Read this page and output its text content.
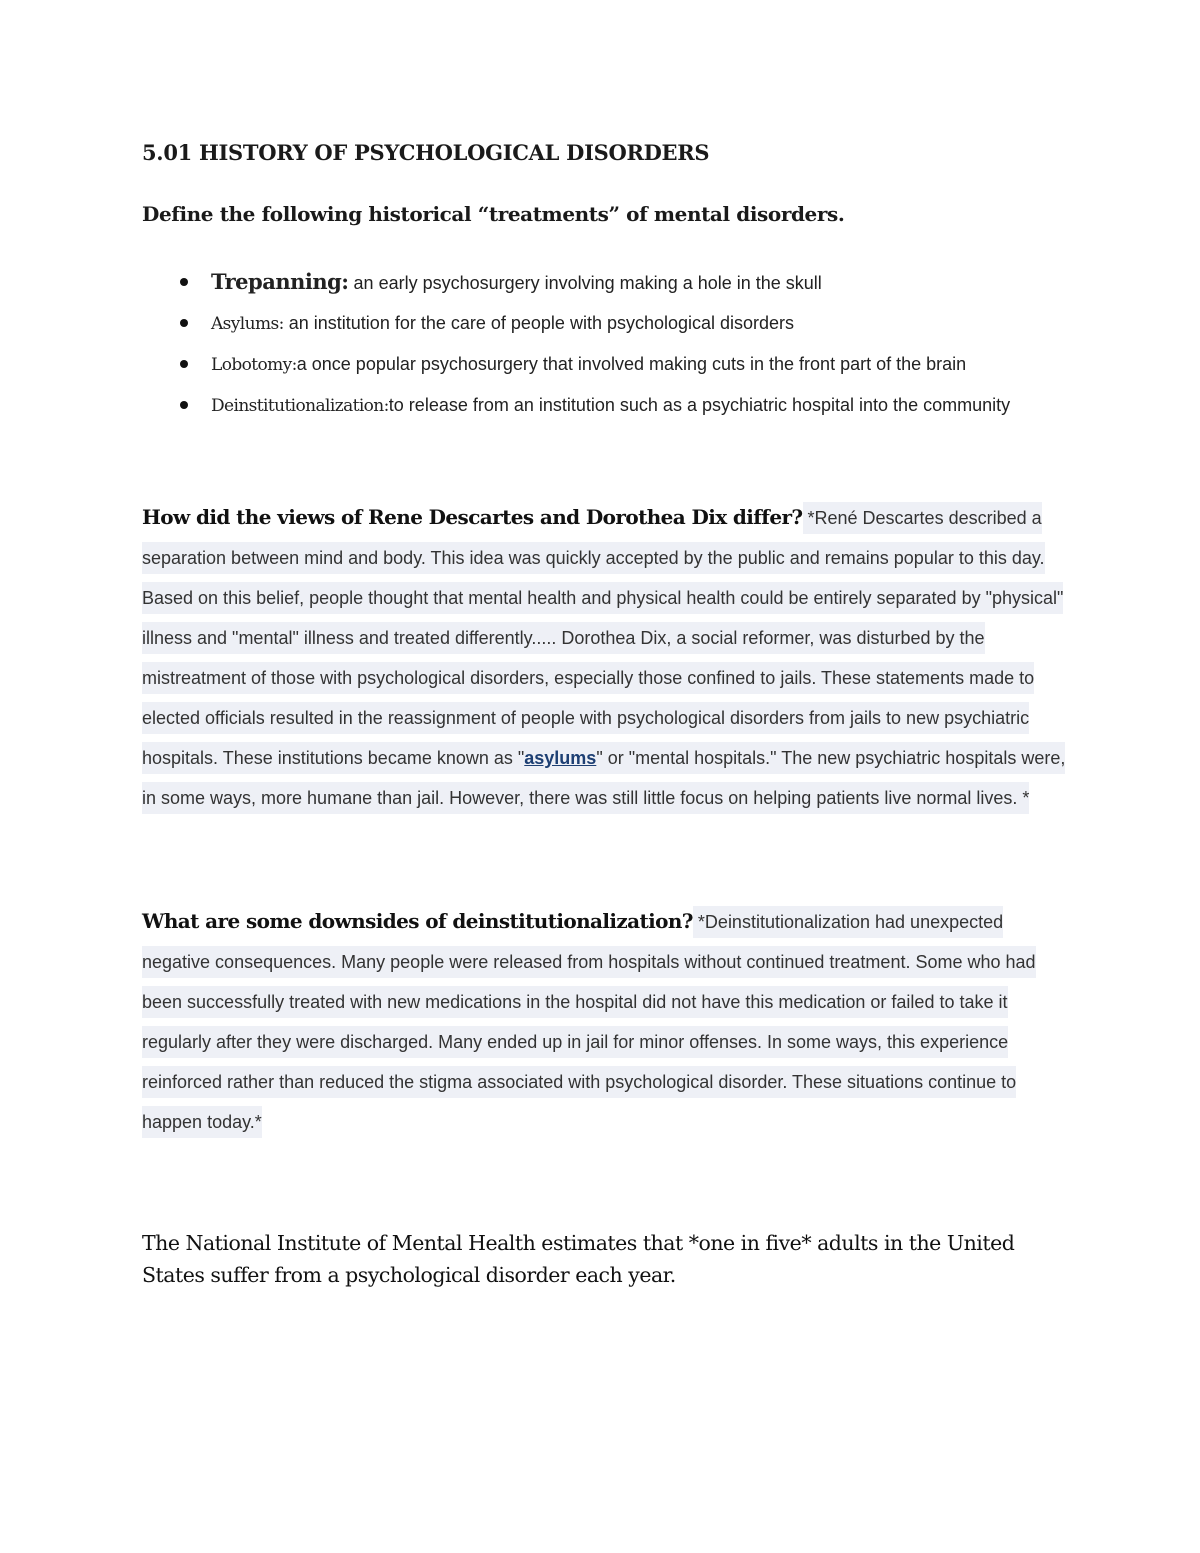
5.01 HISTORY OF PSYCHOLOGICAL DISORDERS
Define the following historical “treatments” of mental disorders.
Trepanning: an early psychosurgery involving making a hole in the skull
Asylums: an institution for the care of people with psychological disorders
Lobotomy:a once popular psychosurgery that involved making cuts in the front part of the brain
Deinstitutionalization:to release from an institution such as a psychiatric hospital into the community
How did the views of Rene Descartes and Dorothea Dix differ? *René Descartes described a separation between mind and body. This idea was quickly accepted by the public and remains popular to this day. Based on this belief, people thought that mental health and physical health could be entirely separated by "physical" illness and "mental" illness and treated differently..... Dorothea Dix, a social reformer, was disturbed by the mistreatment of those with psychological disorders, especially those confined to jails. These statements made to elected officials resulted in the reassignment of people with psychological disorders from jails to new psychiatric hospitals. These institutions became known as "asylums" or "mental hospitals." The new psychiatric hospitals were, in some ways, more humane than jail. However, there was still little focus on helping patients live normal lives. *
What are some downsides of deinstitutionalization? *Deinstitutionalization had unexpected negative consequences. Many people were released from hospitals without continued treatment. Some who had been successfully treated with new medications in the hospital did not have this medication or failed to take it regularly after they were discharged. Many ended up in jail for minor offenses. In some ways, this experience reinforced rather than reduced the stigma associated with psychological disorder. These situations continue to happen today.*
The National Institute of Mental Health estimates that *one in five* adults in the United States suffer from a psychological disorder each year.
